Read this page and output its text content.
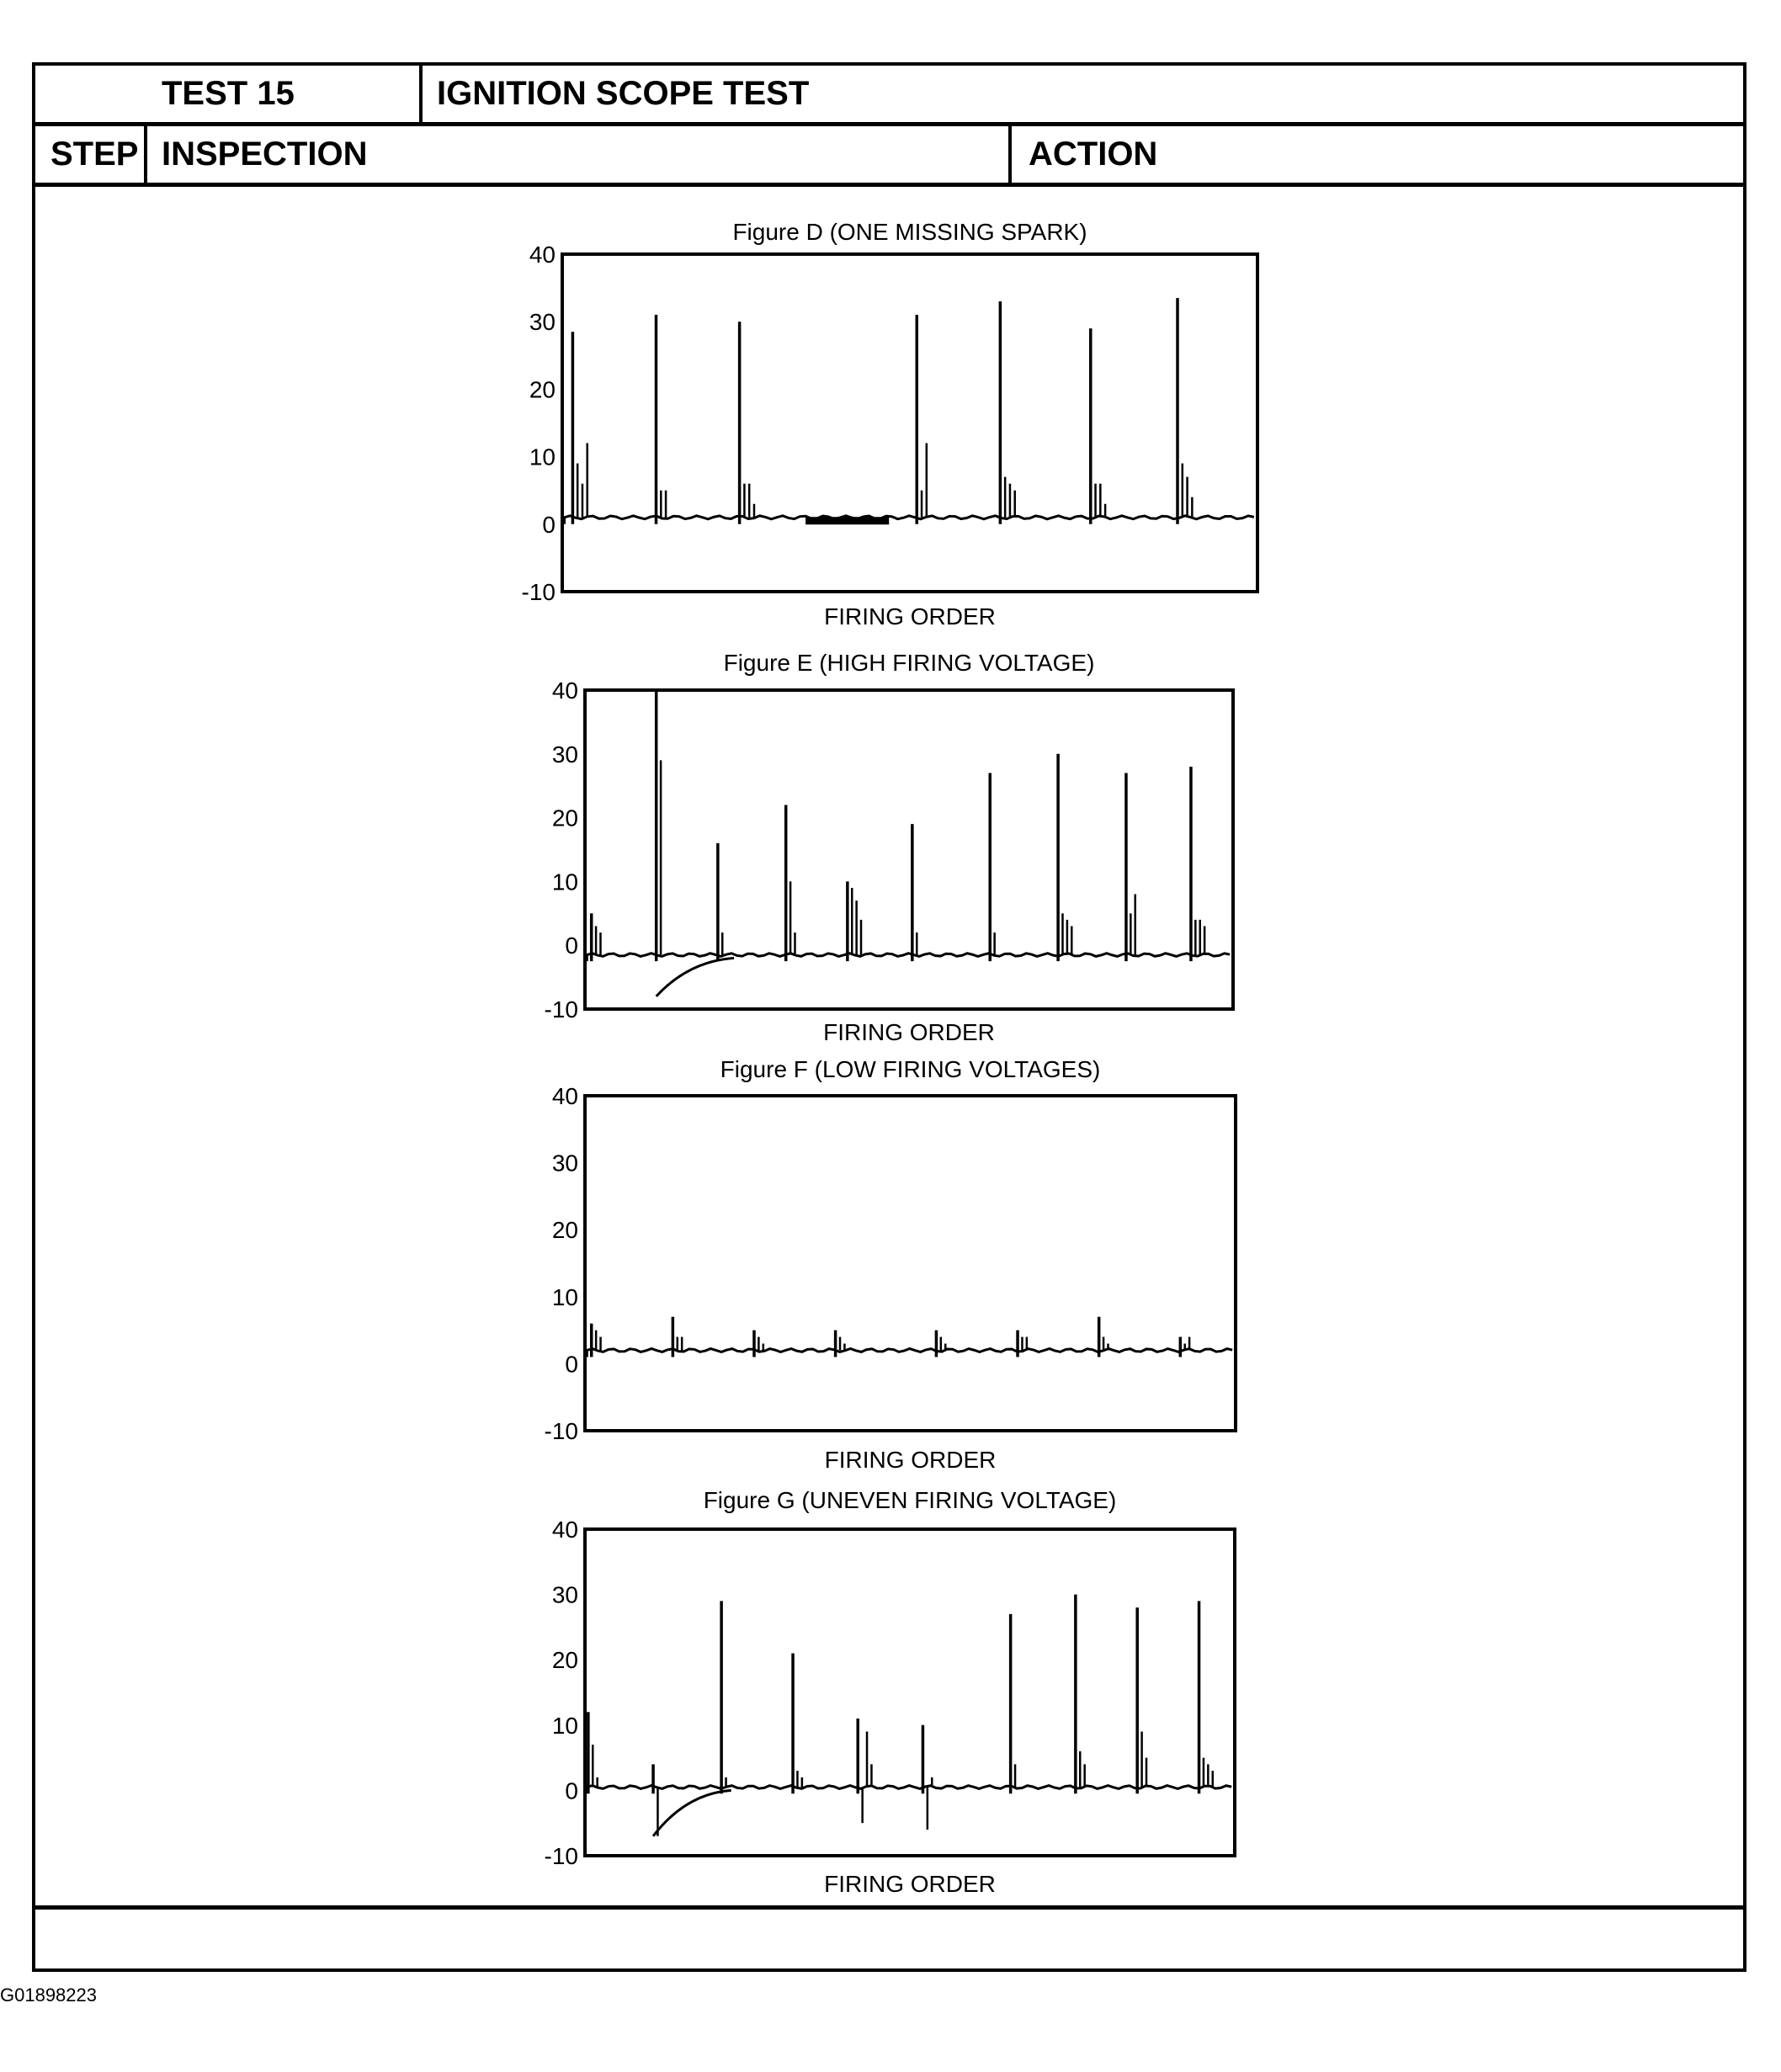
TEST 15	IGNITION SCOPE TEST
STEP INSPECTION	ACTION
Figure D (ONE MISSING SPARK)
40
30
20
10
0
-10
FIRING ORDER
Figure E (HIGH FIRING VOLTAGE)
40
30
20
10
0
-10
FIRING ORDER
Figure F (LOW FIRING VOLTAGES)
40
30
20
10
0
-10
FIRING ORDER
Figure G (UNEVEN FIRING VOLTAGE)
40
30
20
10
0
-10
FIRING ORDER
G01898223
